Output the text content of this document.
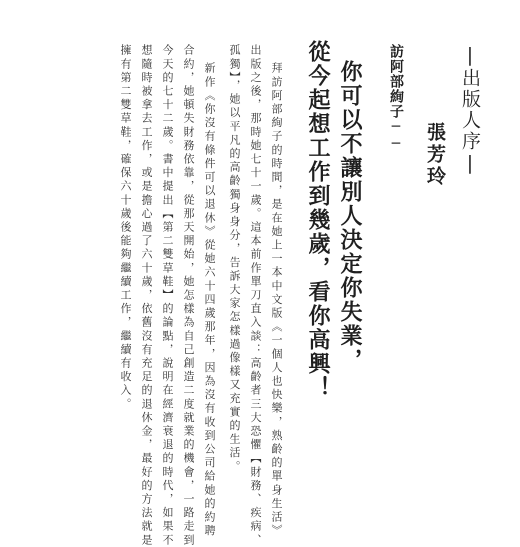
|出版人序|
張芳玲
訪阿部絢子──
你可以不讓別人決定你失業，
從今起想工作到幾歲，看你高興！
拜訪阿部絢子的時間，是在她上一本中文版《一個人也快樂，熟齡的單身生活》
出版之後，那時她七十一歲。這本前作單刀直入談：高齡者三大恐懼【財務、疾病、
孤獨】，她以平凡的高齡獨身身分，告訴大家怎樣過像樣又充實的生活。
新作《你沒有條件可以退休》從她六十四歲那年，因為沒有收到公司給她的約聘
合約，她頓失財務依靠，從那天開始，她怎樣為自己創造二度就業的機會，一路走到
今天的七十二歲。書中提出【第二雙草鞋】的論點，說明在經濟衰退的時代，如果不
想隨時被拿去工作，或是擔心過了六十歲，依舊沒有充足的退休金，最好的方法就是
擁有第二雙草鞋，確保六十歲後能夠繼續工作，繼續有收入。
